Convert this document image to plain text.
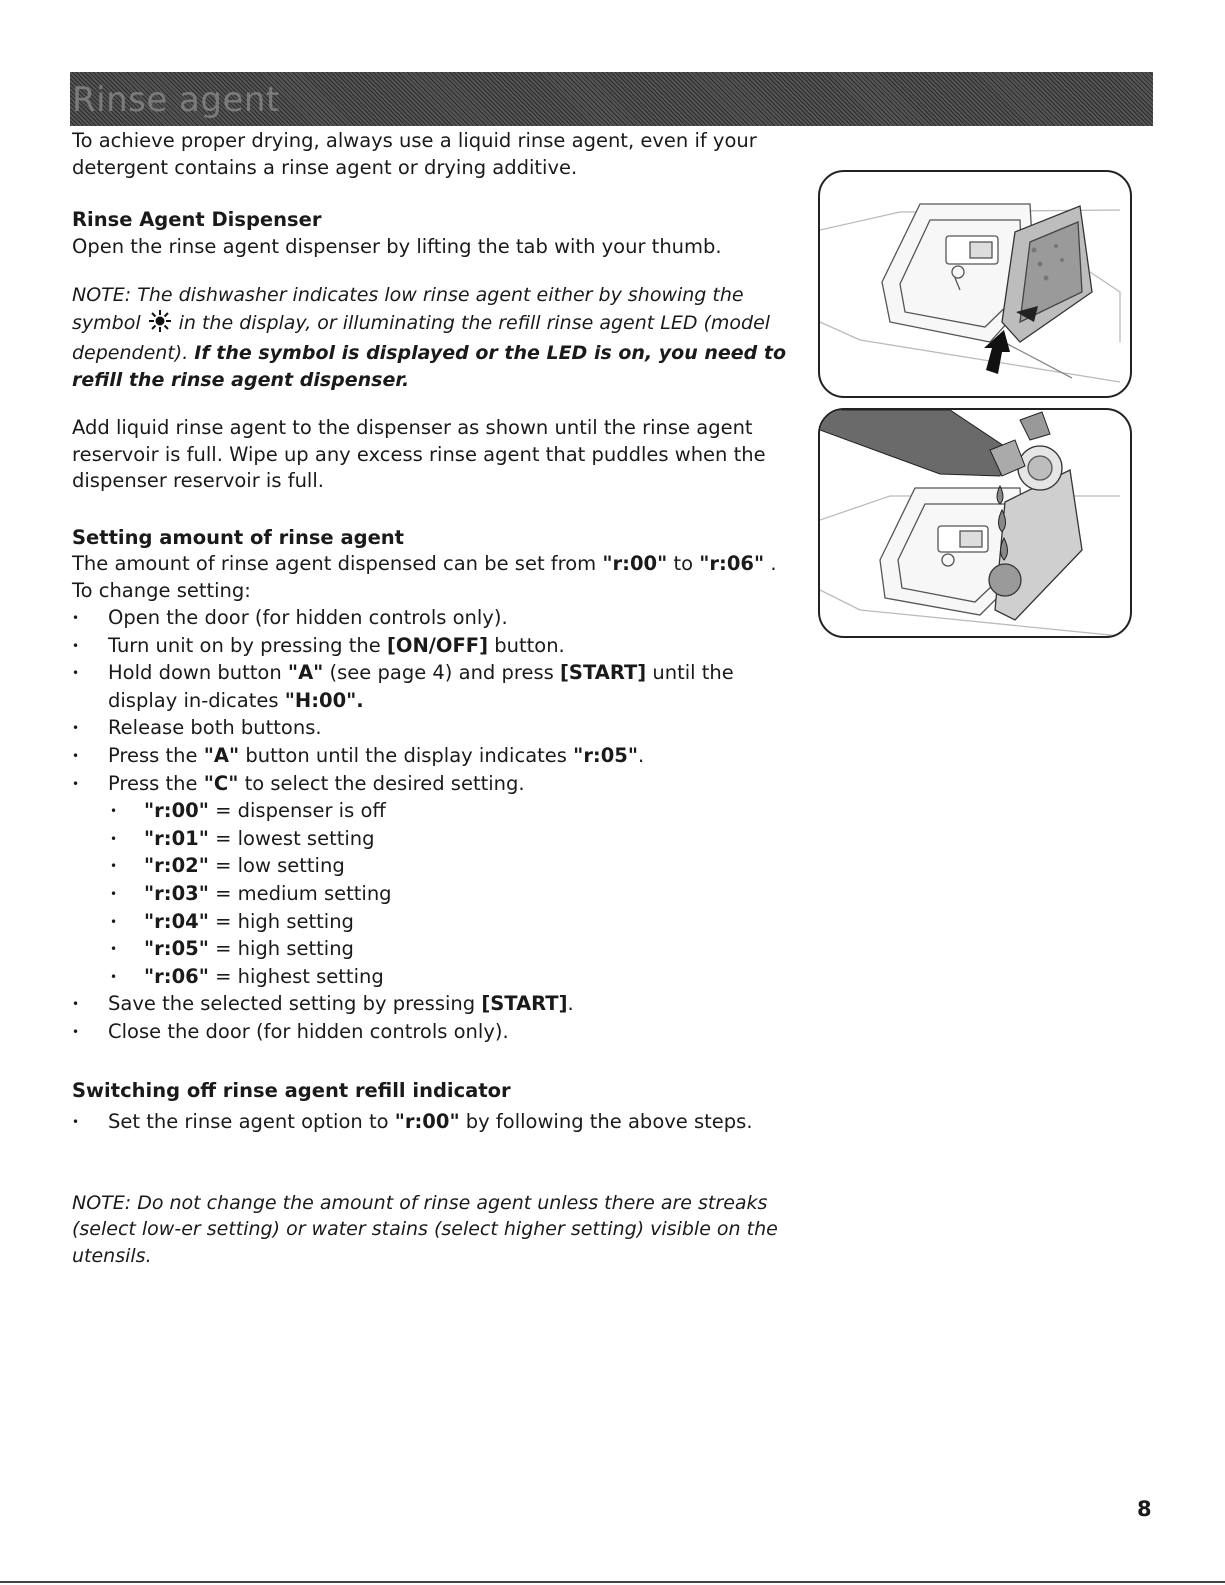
Rinse agent

To achieve proper drying, always use a liquid rinse agent, even if your detergent contains a rinse agent or drying additive.

Rinse Agent Dispenser

Open the rinse agent dispenser by lifting the tab with your thumb.

NOTE: The dishwasher indicates low rinse agent either by showing the symbol in the display, or illuminating the refill rinse agent LED (model dependent). If the symbol is displayed or the LED is on, you need to refill the rinse agent dispenser.

Add liquid rinse agent to the dispenser as shown until the rinse agent reservoir is full. Wipe up any excess rinse agent that puddles when the dispenser reservoir is full.

Setting amount of rinse agent

The amount of rinse agent dispensed can be set from "r:00" to "r:06" .

To change setting:

• Open the door (for hidden controls only).
• Turn unit on by pressing the [ON/OFF] button.
• Hold down button "A" (see page 4) and press [START] until the display in-dicates "H:00".
• Release both buttons.
• Press the "A" button until the display indicates "r:05".
• Press the "C" to select the desired setting.
• "r:00" = dispenser is off
• "r:01" = lowest setting
• "r:02" = low setting
• "r:03" = medium setting
• "r:04" = high setting
• "r:05" = high setting
• "r:06" = highest setting
• Save the selected setting by pressing [START].
• Close the door (for hidden controls only).
Switching off rinse agent refill indicator
• Set the rinse agent option to "r:00" by following the above steps.

NOTE: Do not change the amount of rinse agent unless there are streaks (select low-er setting) or water stains (select higher setting) visible on the utensils.

8
